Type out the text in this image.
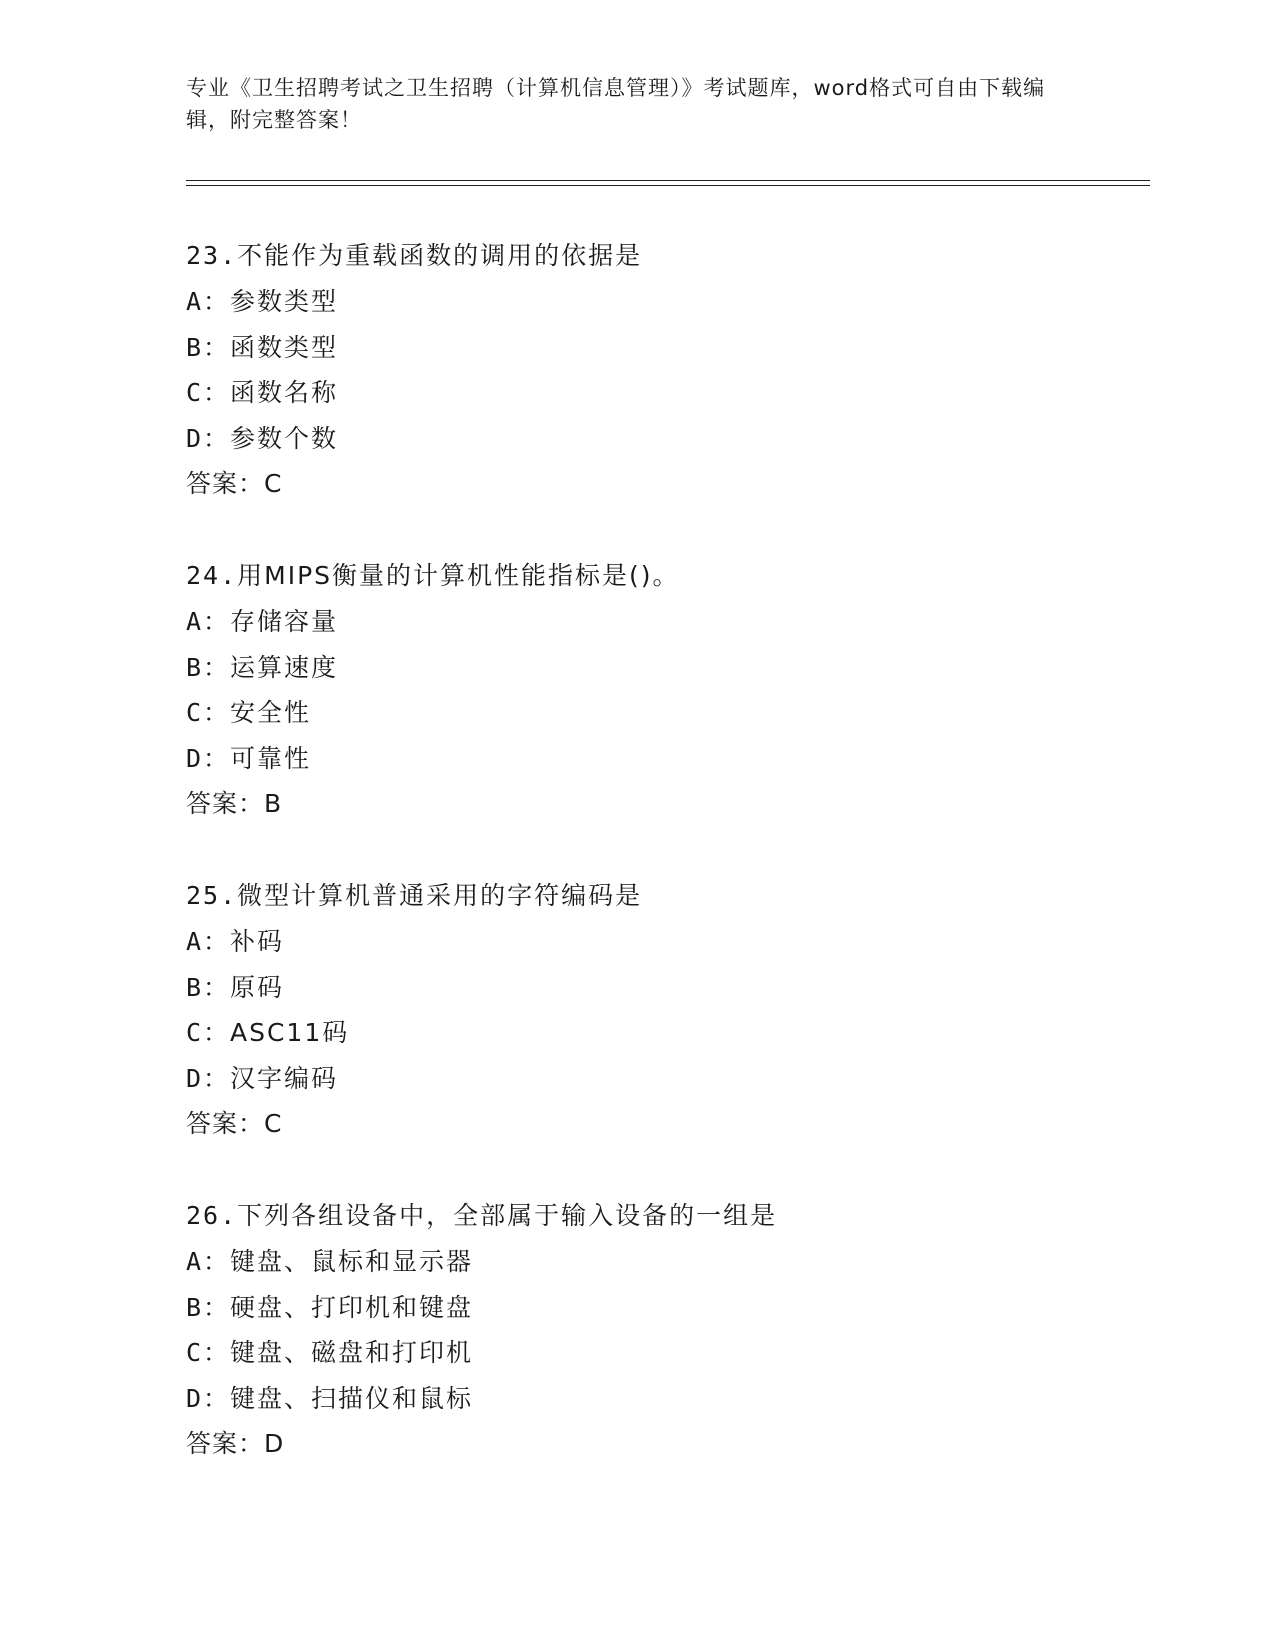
专业《卫生招聘考试之卫生招聘（计算机信息管理）》考试题库，word格式可自由下载编辑，附完整答案！
23.不能作为重载函数的调用的依据是
A：参数类型
B：函数类型
C：函数名称
D：参数个数
答案：C
24.用MIPS衡量的计算机性能指标是()。
A：存储容量
B：运算速度
C：安全性
D：可靠性
答案：B
25.微型计算机普通采用的字符编码是
A：补码
B：原码
C：ASC11码
D：汉字编码
答案：C
26.下列各组设备中，全部属于输入设备的一组是
A：键盘、鼠标和显示器
B：硬盘、打印机和键盘
C：键盘、磁盘和打印机
D：键盘、扫描仪和鼠标
答案：D
